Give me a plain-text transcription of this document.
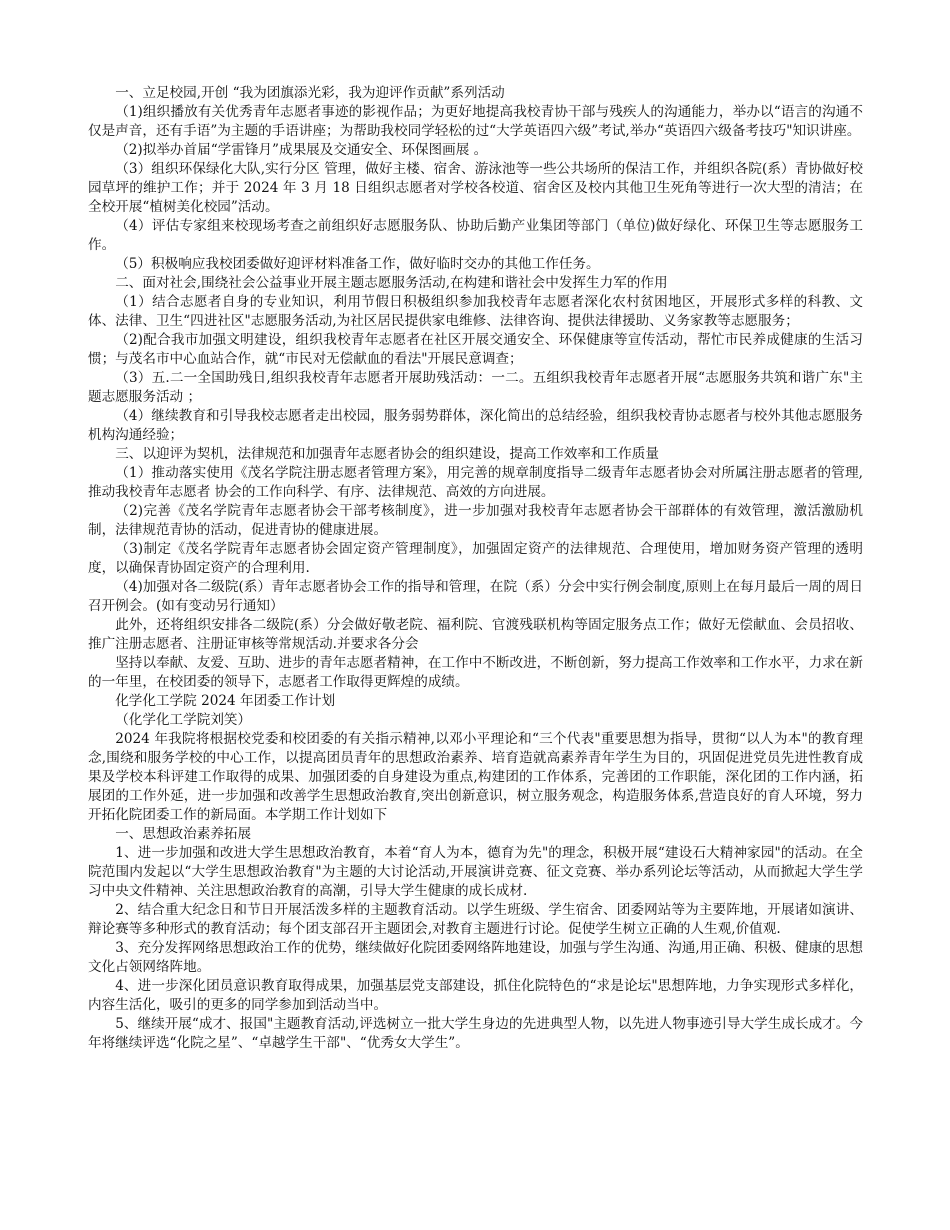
一、立足校园,开创 “我为团旗添光彩，我为迎评作贡献”系列活动

（1)组织播放有关优秀青年志愿者事迹的影视作品；为更好地提高我校青协干部与残疾人的沟通能力，举办以“语言的沟通不仅是声音，还有手语”为主题的手语讲座；为帮助我校同学轻松的过“大学英语四六级”考试,举办“英语四六级备考技巧"知识讲座。

（2)拟举办首届“学雷锋月”成果展及交通安全、环保图画展 。

（3）组织环保绿化大队,实行分区 管理，做好主楼、宿舍、游泳池等一些公共场所的保洁工作，并组织各院(系）青协做好校园草坪的维护工作；并于 2024 年 3 月 18 日组织志愿者对学校各校道、宿舍区及校内其他卫生死角等进行一次大型的清洁；在全校开展“植树美化校园”活动。

（4）评估专家组来校现场考查之前组织好志愿服务队、协助后勤产业集团等部门（单位)做好绿化、环保卫生等志愿服务工作。

（5）积极响应我校团委做好迎评材料准备工作，做好临时交办的其他工作任务。

二、面对社会,围绕社会公益事业开展主题志愿服务活动,在构建和谐社会中发挥生力军的作用

（1）结合志愿者自身的专业知识，利用节假日积极组织参加我校青年志愿者深化农村贫困地区，开展形式多样的科教、文体、法律、卫生“四进社区"志愿服务活动,为社区居民提供家电维修、法律咨询、提供法律援助、义务家教等志愿服务；

（2)配合我市加强文明建设，组织我校青年志愿者在社区开展交通安全、环保健康等宣传活动，帮忙市民养成健康的生活习惯；与茂名市中心血站合作，就“市民对无偿献血的看法"开展民意调查；

（3）五.二一全国助残日,组织我校青年志愿者开展助残活动：一二。五组织我校青年志愿者开展“志愿服务共筑和谐广东"主题志愿服务活动 ；

（4）继续教育和引导我校志愿者走出校园，服务弱势群体，深化简出的总结经验，组织我校青协志愿者与校外其他志愿服务机构沟通经验；

三、以迎评为契机，法律规范和加强青年志愿者协会的组织建设，提高工作效率和工作质量

（1）推动落实使用《茂名学院注册志愿者管理方案》，用完善的规章制度指导二级青年志愿者协会对所属注册志愿者的管理,推动我校青年志愿者 协会的工作向科学、有序、法律规范、高效的方向进展。

（2)完善《茂名学院青年志愿者协会干部考核制度》，进一步加强对我校青年志愿者协会干部群体的有效管理，激活激励机制，法律规范青协的活动，促进青协的健康进展。

（3)制定《茂名学院青年志愿者协会固定资产管理制度》，加强固定资产的法律规范、合理使用，增加财务资产管理的透明度，以确保青协固定资产的合理利用.

（4)加强对各二级院(系）青年志愿者协会工作的指导和管理，在院（系）分会中实行例会制度,原则上在每月最后一周的周日召开例会。(如有变动另行通知）

此外，还将组织安排各二级院(系）分会做好敬老院、福利院、官渡残联机构等固定服务点工作；做好无偿献血、会员招收、推广注册志愿者、注册证审核等常规活动.并要求各分会

坚持以奉献、友爱、互助、进步的青年志愿者精神，在工作中不断改进，不断创新，努力提高工作效率和工作水平，力求在新的一年里，在校团委的领导下，志愿者工作取得更辉煌的成绩。

化学化工学院 2024 年团委工作计划

（化学化工学院刘笑）

2024 年我院将根据校党委和校团委的有关指示精神,以邓小平理论和“三个代表"重要思想为指导，贯彻“以人为本"的教育理念,围绕和服务学校的中心工作，以提高团员青年的思想政治素养、培育造就高素养青年学生为目的，巩固促进党员先进性教育成果及学校本科评建工作取得的成果、加强团委的自身建设为重点,构建团的工作体系，完善团的工作职能，深化团的工作内涵，拓展团的工作外延，进一步加强和改善学生思想政治教育,突出创新意识，树立服务观念，构造服务体系,营造良好的育人环境，努力开拓化院团委工作的新局面。本学期工作计划如下

一、思想政治素养拓展

1、进一步加强和改进大学生思想政治教育，本着“育人为本，德育为先"的理念，积极开展“建设石大精神家园"的活动。在全院范围内发起以“大学生思想政治教育"为主题的大讨论活动,开展演讲竞赛、征文竞赛、举办系列论坛等活动，从而掀起大学生学习中央文件精神、关注思想政治教育的高潮，引导大学生健康的成长成材.

2、结合重大纪念日和节日开展活泼多样的主题教育活动。以学生班级、学生宿舍、团委网站等为主要阵地，开展诸如演讲、辩论赛等多种形式的教育活动；每个团支部召开主题团会,对教育主题进行讨论。促使学生树立正确的人生观,价值观.

3、充分发挥网络思想政治工作的优势，继续做好化院团委网络阵地建设，加强与学生沟通、沟通,用正确、积极、健康的思想文化占领网络阵地。

4、进一步深化团员意识教育取得成果，加强基层党支部建设，抓住化院特色的“求是论坛"思想阵地，力争实现形式多样化，内容生活化，吸引的更多的同学参加到活动当中。

5、继续开展“成才、报国"主题教育活动,评选树立一批大学生身边的先进典型人物，以先进人物事迹引导大学生成长成才。今年将继续评选“化院之星”、“卓越学生干部"、“优秀女大学生”。
